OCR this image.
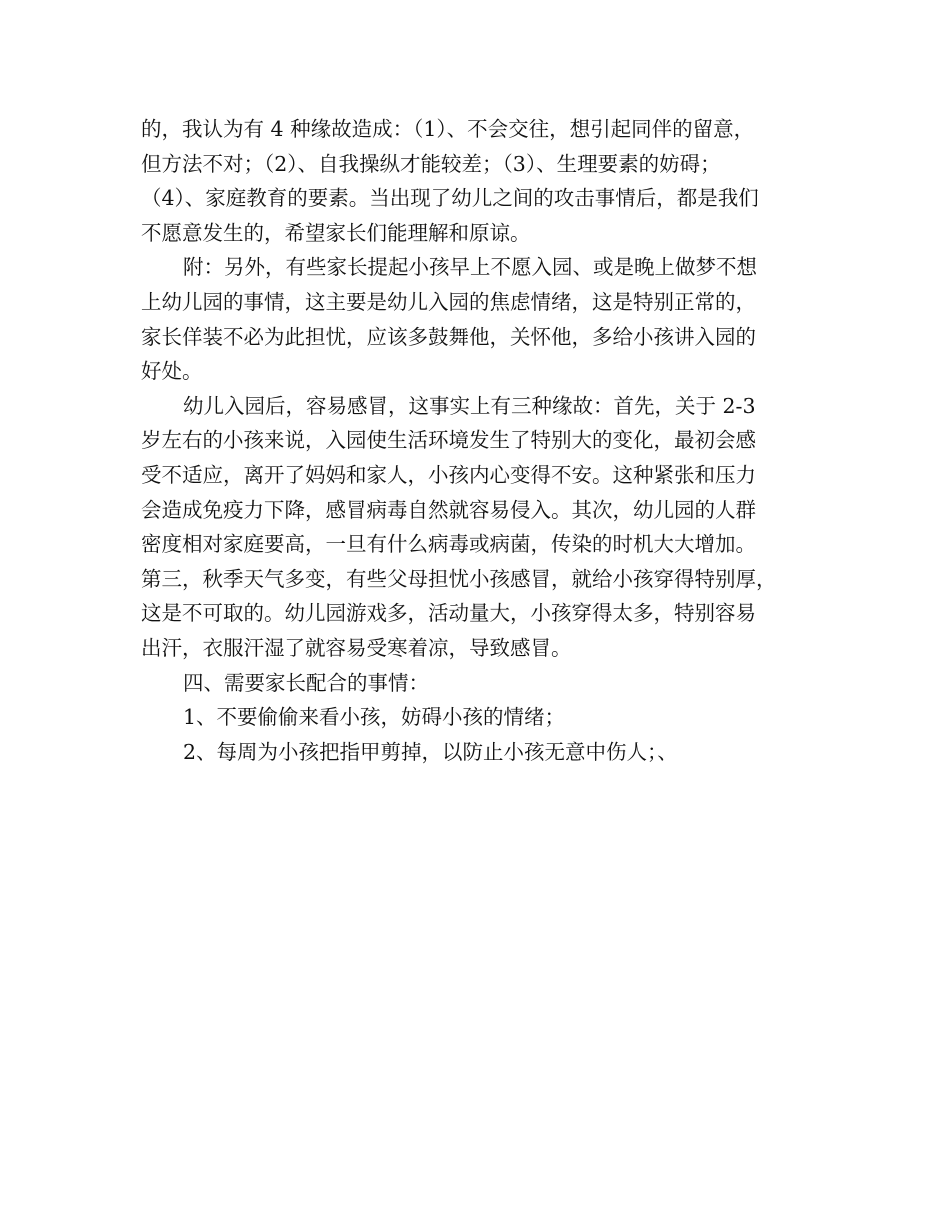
的，我认为有 4 种缘故造成：（1）、不会交往，想引起同伴的留意，
但方法不对；（2）、自我操纵才能较差；（3）、生理要素的妨碍；
（4）、家庭教育的要素。当出现了幼儿之间的攻击事情后，都是我们
不愿意发生的，希望家长们能理解和原谅。
附：另外，有些家长提起小孩早上不愿入园、或是晚上做梦不想
上幼儿园的事情，这主要是幼儿入园的焦虑情绪，这是特别正常的，
家长佯装不必为此担忧，应该多鼓舞他，关怀他，多给小孩讲入园的
好处。
幼儿入园后，容易感冒，这事实上有三种缘故：首先，关于 2-3
岁左右的小孩来说，入园使生活环境发生了特别大的变化，最初会感
受不适应，离开了妈妈和家人，小孩内心变得不安。这种紧张和压力
会造成免疫力下降，感冒病毒自然就容易侵入。其次，幼儿园的人群
密度相对家庭要高，一旦有什么病毒或病菌，传染的时机大大增加。
第三，秋季天气多变，有些父母担忧小孩感冒，就给小孩穿得特别厚，
这是不可取的。幼儿园游戏多，活动量大，小孩穿得太多，特别容易
出汗，衣服汗湿了就容易受寒着凉，导致感冒。
四、需要家长配合的事情：
1、不要偷偷来看小孩，妨碍小孩的情绪；
2、每周为小孩把指甲剪掉，以防止小孩无意中伤人；、
